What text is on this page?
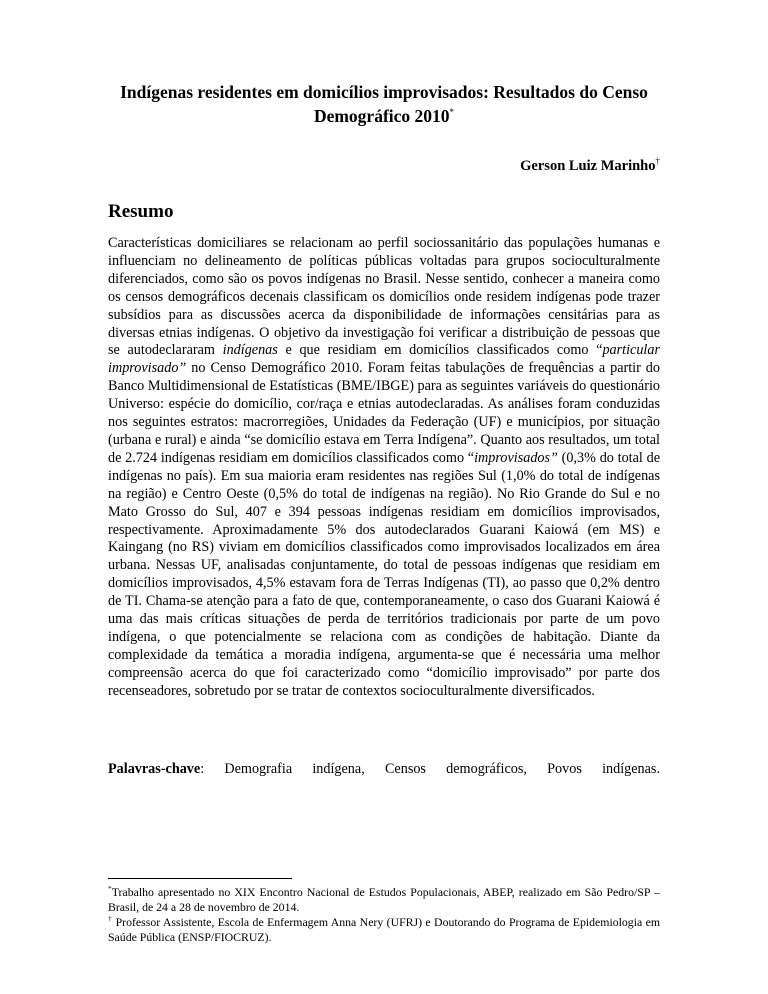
Indígenas residentes em domicílios improvisados: Resultados do Censo
Demográfico 2010*
Gerson Luiz Marinho†
Resumo

Características domiciliares se relacionam ao perfil sociossanitário das populações humanas e influenciam no delineamento de políticas públicas voltadas para grupos socioculturalmente diferenciados, como são os povos indígenas no Brasil. Nesse sentido, conhecer a maneira como os censos demográficos decenais classificam os domicílios onde residem indígenas pode trazer subsídios para as discussões acerca da disponibilidade de informações censitárias para as diversas etnias indígenas. O objetivo da investigação foi verificar a distribuição de pessoas que se autodeclararam indígenas e que residiam em domicílios classificados como “particular improvisado” no Censo Demográfico 2010. Foram feitas tabulações de frequências a partir do Banco Multidimensional de Estatísticas (BME/IBGE) para as seguintes variáveis do questionário Universo: espécie do domicílio, cor/raça e etnias autodeclaradas. As análises foram conduzidas nos seguintes estratos: macrorregiões, Unidades da Federação (UF) e municípios, por situação (urbana e rural) e ainda “se domicílio estava em Terra Indígena”. Quanto aos resultados, um total de 2.724 indígenas residiam em domicílios classificados como “improvisados” (0,3% do total de indígenas no país). Em sua maioria eram residentes nas regiões Sul (1,0% do total de indígenas na região) e Centro Oeste (0,5% do total de indígenas na região). No Rio Grande do Sul e no Mato Grosso do Sul, 407 e 394 pessoas indígenas residiam em domicílios improvisados, respectivamente. Aproximadamente 5% dos autodeclarados Guarani Kaiowá (em MS) e Kaingang (no RS) viviam em domicílios classificados como improvisados localizados em área urbana. Nessas UF, analisadas conjuntamente, do total de pessoas indígenas que residiam em domicílios improvisados, 4,5% estavam fora de Terras Indígenas (TI), ao passo que 0,2% dentro de TI. Chama-se atenção para a fato de que, contemporaneamente, o caso dos Guarani Kaiowá é uma das mais críticas situações de perda de territórios tradicionais por parte de um povo indígena, o que potencialmente se relaciona com as condições de habitação. Diante da complexidade da temática a moradia indígena, argumenta-se que é necessária uma melhor compreensão acerca do que foi caracterizado como “domicílio improvisado” por parte dos recenseadores, sobretudo por se tratar de contextos socioculturalmente diversificados.

Palavras-chave: Demografia indígena, Censos demográficos, Povos indígenas.

*Trabalho apresentado no XIX Encontro Nacional de Estudos Populacionais, ABEP, realizado em São Pedro/SP – Brasil, de 24 a 28 de novembro de 2014.

† Professor Assistente, Escola de Enfermagem Anna Nery (UFRJ) e Doutorando do Programa de Epidemiologia em Saúde Pública (ENSP/FIOCRUZ).
